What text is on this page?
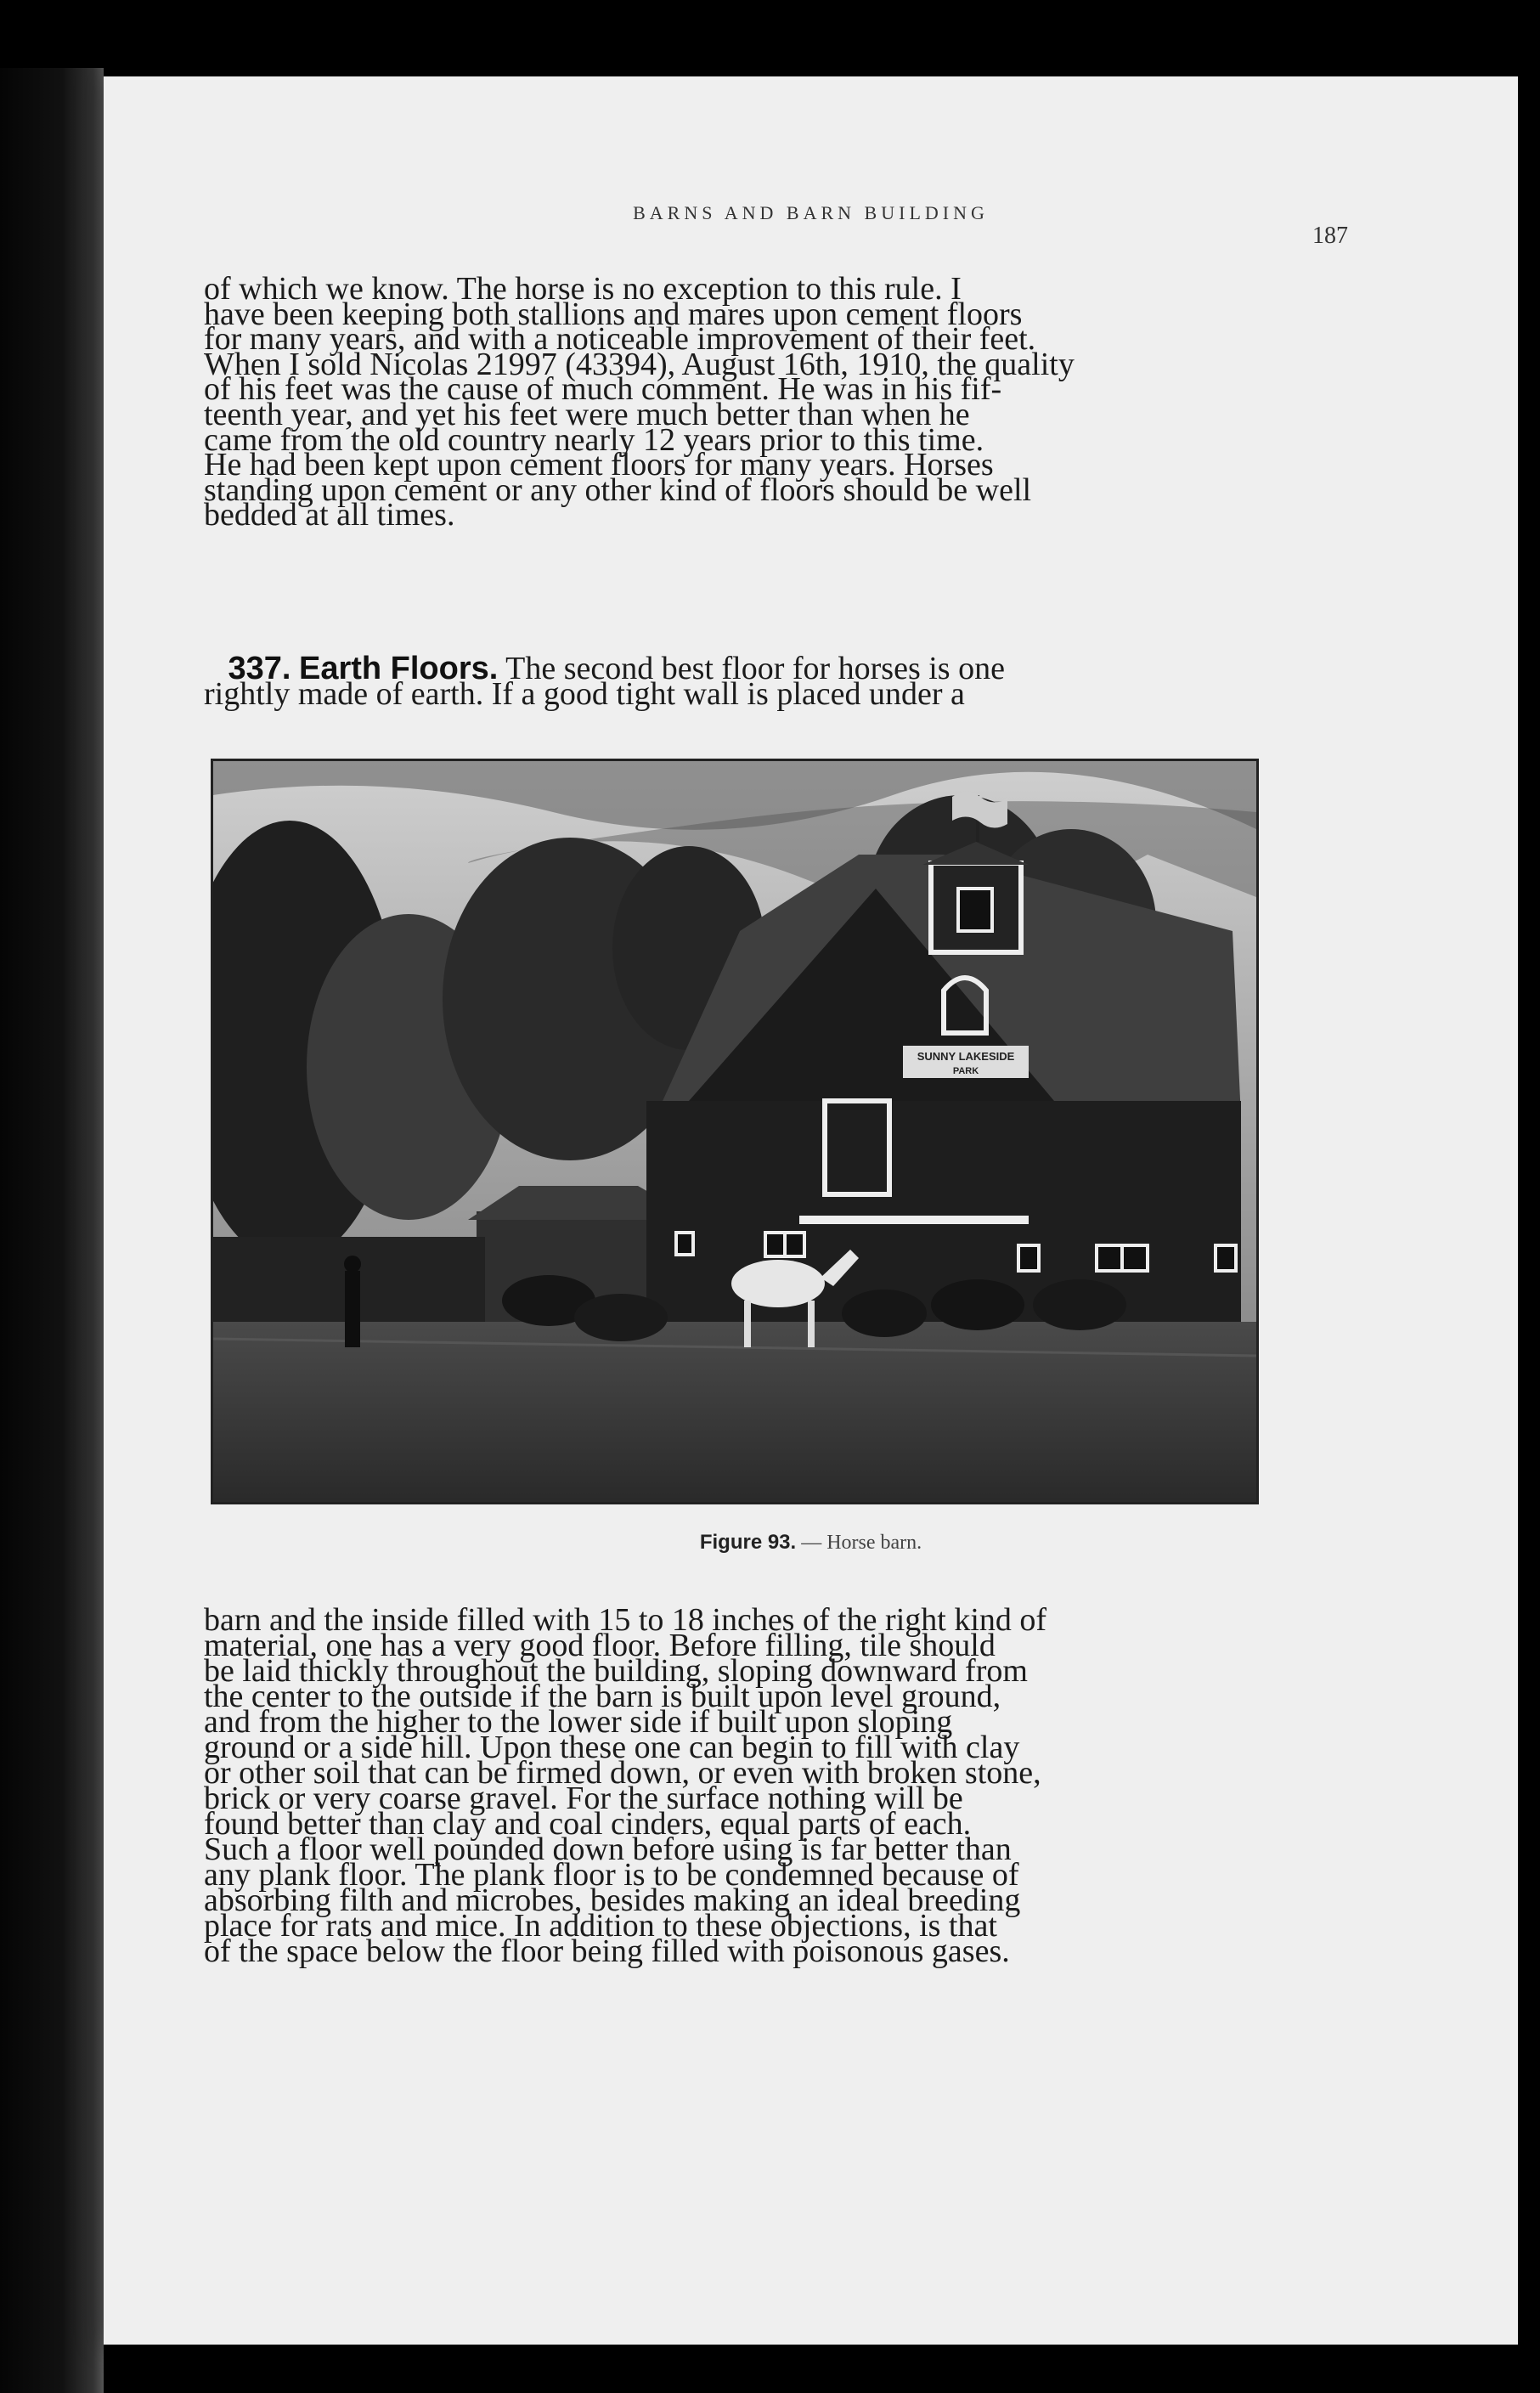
BARNS AND BARN BUILDING
187
of which we know. The horse is no exception to this rule. I
have been keeping both stallions and mares upon cement floors
for many years, and with a noticeable improvement of their feet.
When I sold Nicolas 21997 (43394), August 16th, 1910, the quality
of his feet was the cause of much comment. He was in his fif-
teenth year, and yet his feet were much better than when he
came from the old country nearly 12 years prior to this time.
He had been kept upon cement floors for many years. Horses
standing upon cement or any other kind of floors should be well
bedded at all times.
337. Earth Floors. The second best floor for horses is one
rightly made of earth. If a good tight wall is placed under a
SUNNY LAKESIDE
PARK
Figure 93. — Horse barn.
barn and the inside filled with 15 to 18 inches of the right kind of
material, one has a very good floor. Before filling, tile should
be laid thickly throughout the building, sloping downward from
the center to the outside if the barn is built upon level ground,
and from the higher to the lower side if built upon sloping
ground or a side hill. Upon these one can begin to fill with clay
or other soil that can be firmed down, or even with broken stone,
brick or very coarse gravel. For the surface nothing will be
found better than clay and coal cinders, equal parts of each.
Such a floor well pounded down before using is far better than
any plank floor. The plank floor is to be condemned because of
absorbing filth and microbes, besides making an ideal breeding
place for rats and mice. In addition to these objections, is that
of the space below the floor being filled with poisonous gases.
